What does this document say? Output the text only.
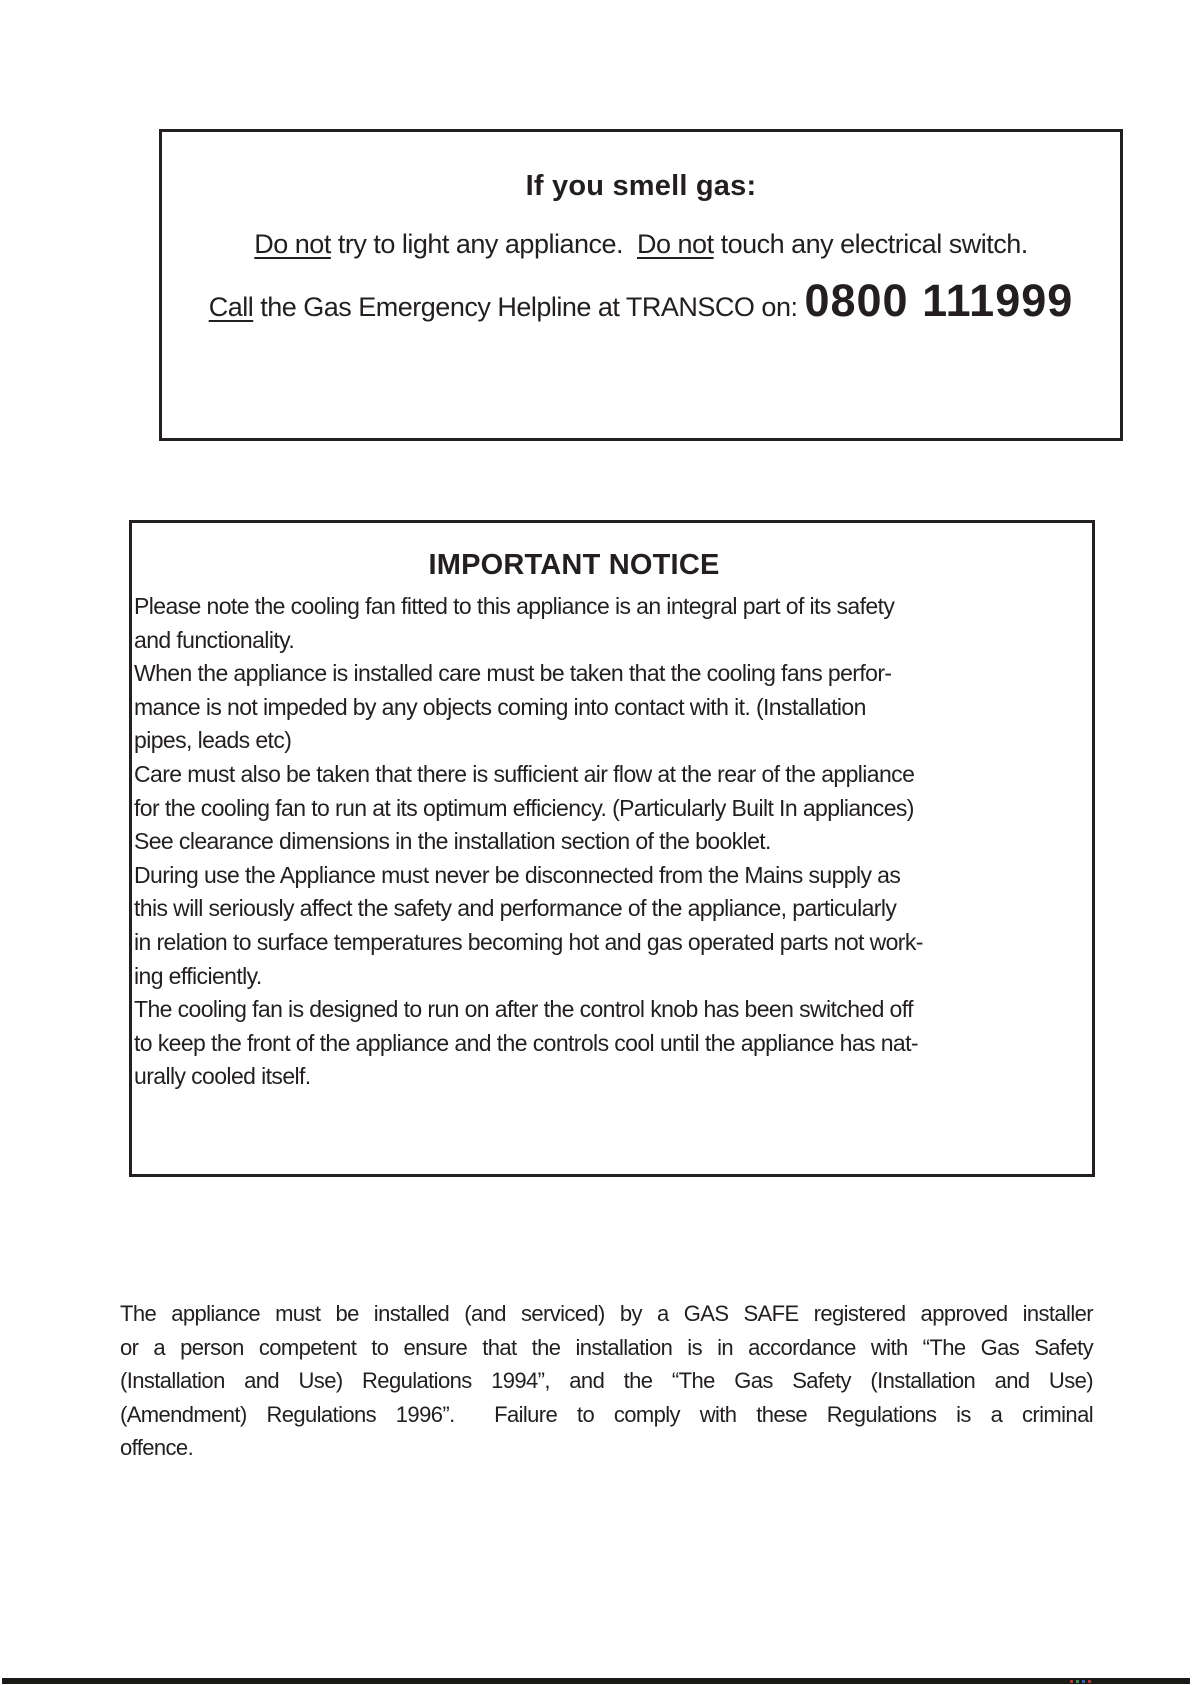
If you smell gas:
Do not try to light any appliance.  Do not touch any electrical switch.
Call the Gas Emergency Helpline at TRANSCO on: 0800 111999
IMPORTANT NOTICE
Please note the cooling fan fitted to this appliance is an integral part of its safety
and functionality.
When the appliance is installed care must be taken that the cooling fans perfor-
mance is not impeded by any objects coming into contact with it. (Installation
pipes, leads etc)
Care must also be taken that there is sufficient air flow at the rear of the appliance
for the cooling fan to run at its optimum efficiency. (Particularly Built In appliances)
See clearance dimensions in the installation section of the booklet.
During use the Appliance must never be disconnected from the Mains supply as
this will seriously affect the safety and performance of the appliance, particularly
in relation to surface temperatures becoming hot and gas operated parts not work-
ing efficiently.
The cooling fan is designed to run on after the control knob has been switched off
to keep the front of the appliance and the controls cool until the appliance has nat-
urally cooled itself.
The appliance must be installed (and serviced) by a GAS SAFE registered approved installer
or a person competent to ensure that the installation is in accordance with “The Gas Safety
(Installation and Use) Regulations 1994”, and the “The Gas Safety (Installation and Use)
(Amendment) Regulations 1996”.  Failure to comply with these Regulations is a criminal
offence.
